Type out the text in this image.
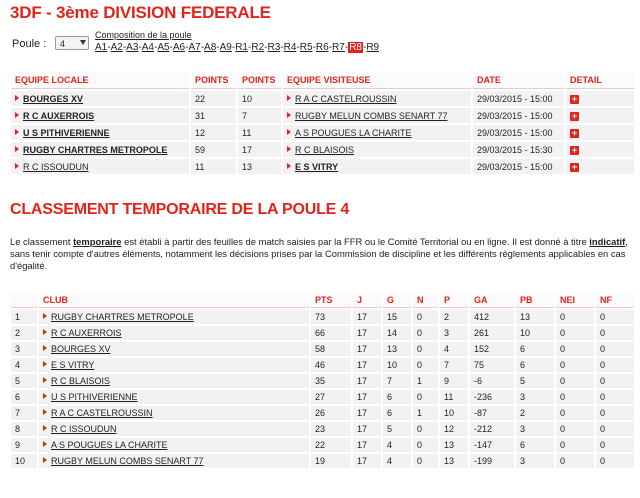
3DF - 3ème DIVISION FEDERALE
Poule :	4
Composition de la poule
A1-A2-A3-A4-A5-A6-A7-A8-A9-R1-R2-R3-R4-R5-R6-R7-R8-R9
EQUIPE LOCALE	POINTS	POINTS	EQUIPE VISITEUSE	DATE	DETAIL
BOURGES XV	22	10	R A C CASTELROUSSIN	29/03/2015 - 15:00	+
R C AUXERROIS	31	7	RUGBY MELUN COMBS SENART 77	29/03/2015 - 15:00	+
U S PITHIVERIENNE	12	11	A S POUGUES LA CHARITE	29/03/2015 - 15:00	+
RUGBY CHARTRES METROPOLE	59	17	R C BLAISOIS	29/03/2015 - 15:30	+
R C ISSOUDUN	11	13	E S VITRY	29/03/2015 - 15:00	+
CLASSEMENT TEMPORAIRE DE LA POULE 4

Le classement temporaire est établi à partir des feuilles de match saisies par la FFR ou le Comité Territorial ou en ligne. Il est donné à titre indicatif, sans tenir compte d'autres éléments, notamment les décisions prises par la Commission de discipline et les différents règlements applicables en cas d'égalité.

	CLUB	PTS	J	G	N	P	GA	PB	NEI	NF
1	RUGBY CHARTRES METROPOLE	73	17	15	0	2	412	13	0	0
2	R C AUXERROIS	66	17	14	0	3	261	10	0	0
3	BOURGES XV	58	17	13	0	4	152	6	0	0
4	E S VITRY	46	17	10	0	7	75	6	0	0
5	R C BLAISOIS	35	17	7	1	9	-6	5	0	0
6	U S PITHIVERIENNE	27	17	6	0	11	-236	3	0	0
7	R A C CASTELROUSSIN	26	17	6	1	10	-87	2	0	0
8	R C ISSOUDUN	23	17	5	0	12	-212	3	0	0
9	A S POUGUES LA CHARITE	22	17	4	0	13	-147	6	0	0
10	RUGBY MELUN COMBS SENART 77	19	17	4	0	13	-199	3	0	0
